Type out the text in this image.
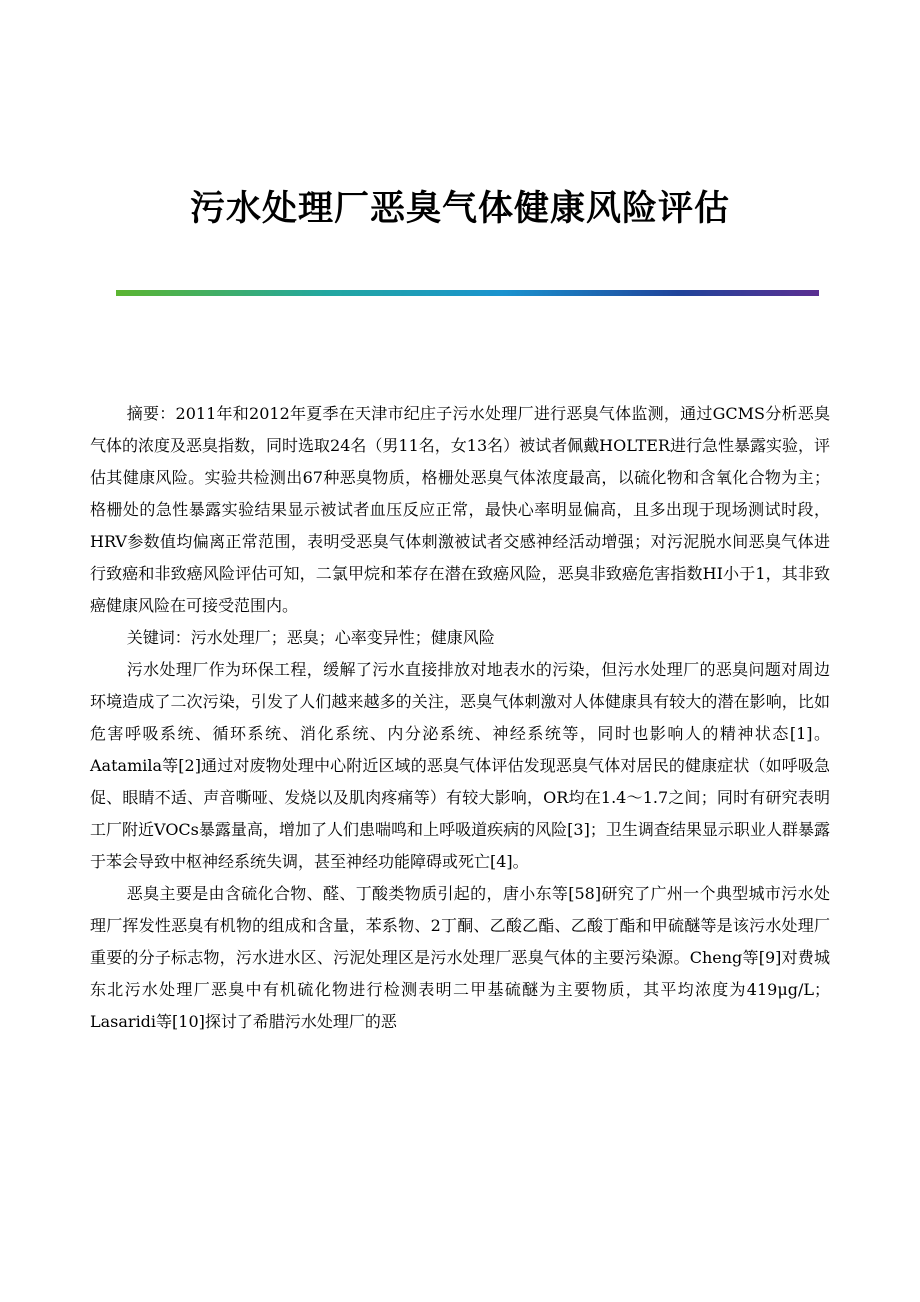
污水处理厂恶臭气体健康风险评估

摘要：2011年和2012年夏季在天津市纪庄子污水处理厂进行恶臭气体监测，通过GCMS分析恶臭气体的浓度及恶臭指数，同时选取24名（男11名，女13名）被试者佩戴HOLTER进行急性暴露实验，评估其健康风险。实验共检测出67种恶臭物质，格栅处恶臭气体浓度最高，以硫化物和含氧化合物为主；格栅处的急性暴露实验结果显示被试者血压反应正常，最快心率明显偏高，且多出现于现场测试时段，HRV参数值均偏离正常范围，表明受恶臭气体刺激被试者交感神经活动增强；对污泥脱水间恶臭气体进行致癌和非致癌风险评估可知，二氯甲烷和苯存在潜在致癌风险，恶臭非致癌危害指数HI小于1，其非致癌健康风险在可接受范围内。

关键词：污水处理厂；恶臭；心率变异性；健康风险

污水处理厂作为环保工程，缓解了污水直接排放对地表水的污染，但污水处理厂的恶臭问题对周边环境造成了二次污染，引发了人们越来越多的关注，恶臭气体刺激对人体健康具有较大的潜在影响，比如危害呼吸系统、循环系统、消化系统、内分泌系统、神经系统等，同时也影响人的精神状态[1]。Aatamila等[2]通过对废物处理中心附近区域的恶臭气体评估发现恶臭气体对居民的健康症状（如呼吸急促、眼睛不适、声音嘶哑、发烧以及肌肉疼痛等）有较大影响，OR均在1.4～1.7之间；同时有研究表明工厂附近VOCs暴露量高，增加了人们患喘鸣和上呼吸道疾病的风险[3]；卫生调查结果显示职业人群暴露于苯会导致中枢神经系统失调，甚至神经功能障碍或死亡[4]。

恶臭主要是由含硫化合物、醛、丁酸类物质引起的，唐小东等[58]研究了广州一个典型城市污水处理厂挥发性恶臭有机物的组成和含量，苯系物、2丁酮、乙酸乙酯、乙酸丁酯和甲硫醚等是该污水处理厂重要的分子标志物，污水进水区、污泥处理区是污水处理厂恶臭气体的主要污染源。Cheng等[9]对费城东北污水处理厂恶臭中有机硫化物进行检测表明二甲基硫醚为主要物质，其平均浓度为419μg/L；Lasaridi等[10]探讨了希腊污水处理厂的恶
